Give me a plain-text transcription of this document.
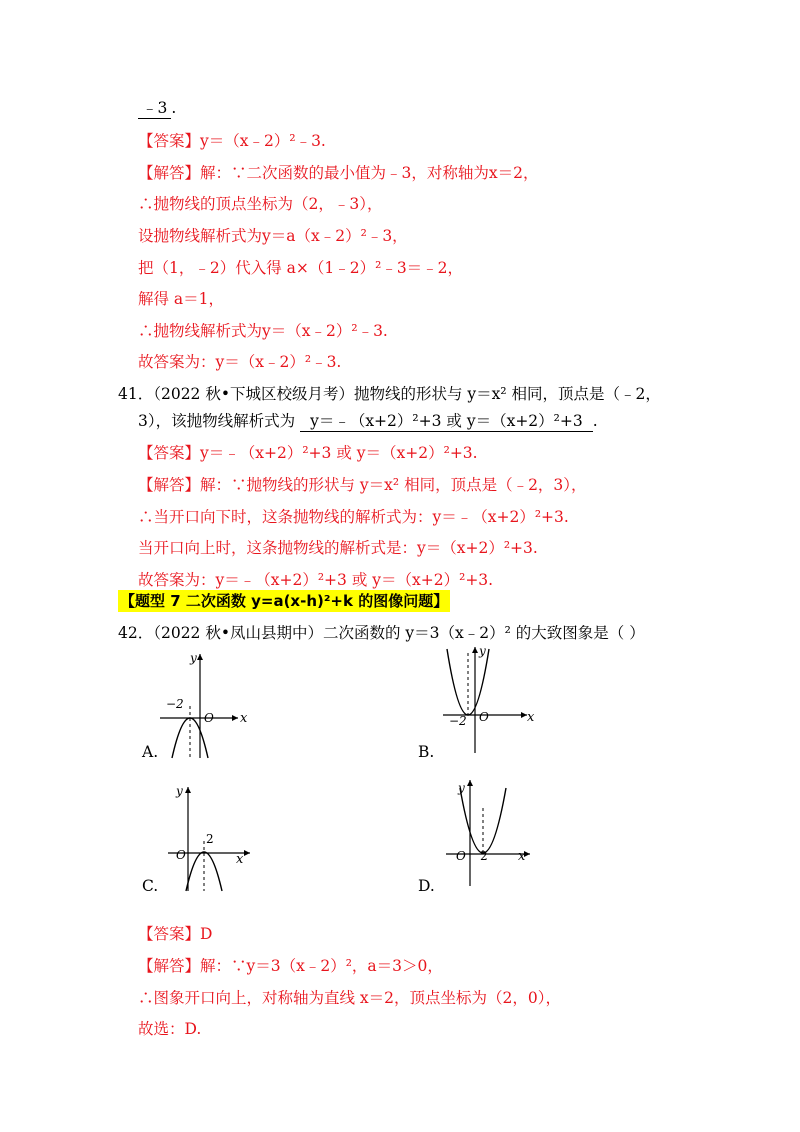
﹣3 .
【答案】y＝（x﹣2）²﹣3.
【解答】解：∵二次函数的最小值为﹣3，对称轴为x＝2，
∴抛物线的顶点坐标为（2，﹣3），
设抛物线解析式为y＝a（x﹣2）²﹣3，
把（1，﹣2）代入得 a×（1﹣2）²﹣3＝﹣2，
解得 a＝1，
∴抛物线解析式为y＝（x﹣2）²﹣3.
故答案为：y＝（x﹣2）²﹣3.
41．（2022 秋•下城区校级月考）抛物线的形状与 y＝x² 相同，顶点是（﹣2，
3），该抛物线解析式为 y＝﹣（x+2）²+3 或 y＝（x+2）²+3 .
【答案】y＝﹣（x+2）²+3 或 y＝（x+2）²+3.
【解答】解：∵抛物线的形状与 y＝x² 相同，顶点是（﹣2，3），
∴当开口向下时，这条抛物线的解析式为：y＝﹣（x+2）²+3.
当开口向上时，这条抛物线的解析式是：y＝（x+2）²+3.
故答案为：y＝﹣（x+2）²+3 或 y＝（x+2）²+3.
【题型 7 二次函数 y=a(x-h)²+k 的图像问题】
42．（2022 秋•凤山县期中）二次函数的 y＝3（x﹣2）² 的大致图象是（ ）
y
x
O
−2
A.
y
x
O
−2
B.
y
x
O
2
C.
y
x
O 2
D.
【答案】D
【解答】解：∵y＝3（x﹣2）²，a＝3＞0，
∴图象开口向上，对称轴为直线 x＝2，顶点坐标为（2，0），
故选：D.
